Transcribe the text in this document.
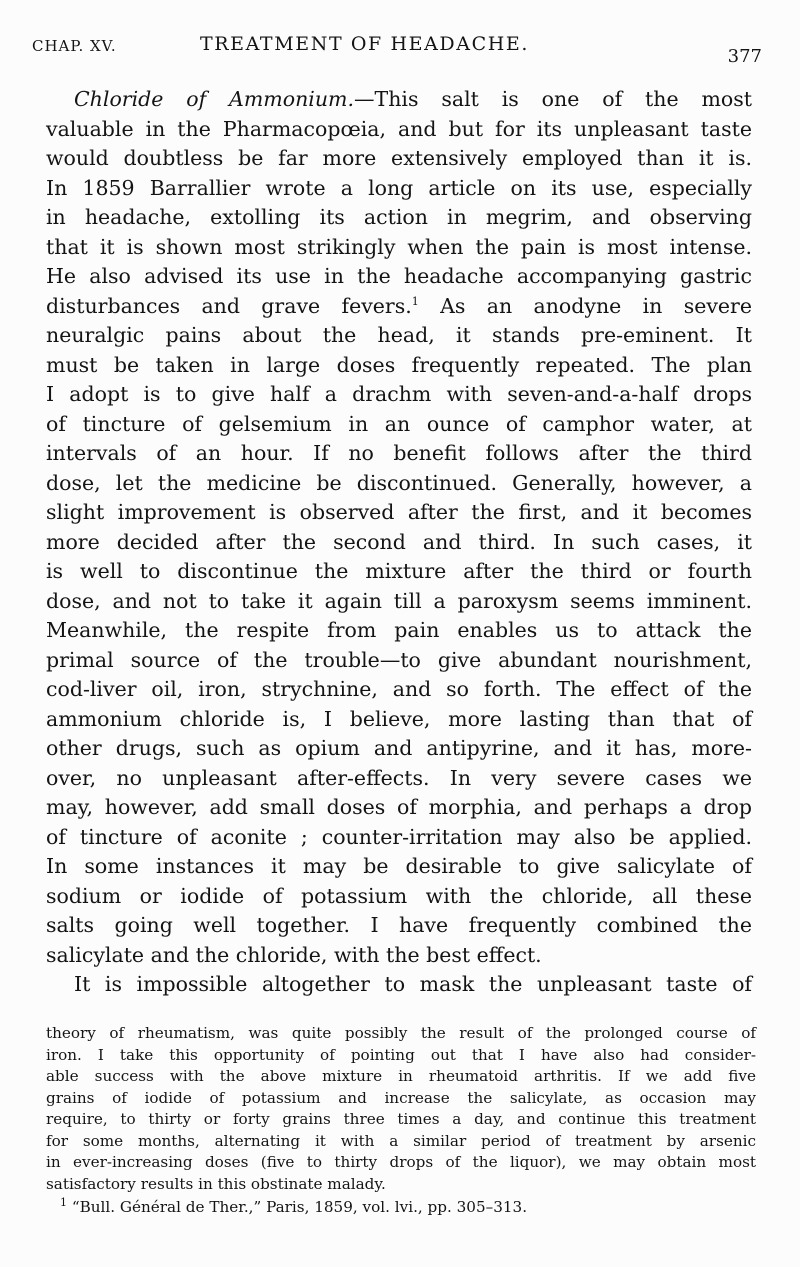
CHAP. XV.	TREATMENT OF HEADACHE.
377
Chloride of Ammonium.—This salt is one of the most
valuable in the Pharmacopœia, and but for its unpleasant taste
would doubtless be far more extensively employed than it is.
In 1859 Barrallier wrote a long article on its use, especially
in headache, extolling its action in megrim, and observing
that it is shown most strikingly when the pain is most intense.
He also advised its use in the headache accompanying gastric
disturbances and grave fevers.$^1$ As an anodyne in severe
neuralgic pains about the head, it stands pre-eminent. It
must be taken in large doses frequently repeated. The plan
I adopt is to give half a drachm with seven-and-a-half drops
of tincture of gelsemium in an ounce of camphor water, at
intervals of an hour. If no benefit follows after the third
dose, let the medicine be discontinued. Generally, however, a
slight improvement is observed after the first, and it becomes
more decided after the second and third. In such cases, it
is well to discontinue the mixture after the third or fourth
dose, and not to take it again till a paroxysm seems imminent.
Meanwhile, the respite from pain enables us to attack the
primal source of the trouble—to give abundant nourishment,
cod-liver oil, iron, strychnine, and so forth. The effect of the
ammonium chloride is, I believe, more lasting than that of
other drugs, such as opium and antipyrine, and it has, more-
over, no unpleasant after-effects. In very severe cases we
may, however, add small doses of morphia, and perhaps a drop
of tincture of aconite ; counter-irritation may also be applied.
In some instances it may be desirable to give salicylate of
sodium or iodide of potassium with the chloride, all these
salts going well together. I have frequently combined the
salicylate and the chloride, with the best effect.
It is impossible altogether to mask the unpleasant taste of
theory of rheumatism, was quite possibly the result of the prolonged course of
iron. I take this opportunity of pointing out that I have also had consider-
able success with the above mixture in rheumatoid arthritis. If we add five
grains of iodide of potassium and increase the salicylate, as occasion may
require, to thirty or forty grains three times a day, and continue this treatment
for some months, alternating it with a similar period of treatment by arsenic
in ever-increasing doses (five to thirty drops of the liquor), we may obtain most
satisfactory results in this obstinate malady.
$^1$ “Bull. Général de Ther.,” Paris, 1859, vol. lvi., pp. 305–313.
